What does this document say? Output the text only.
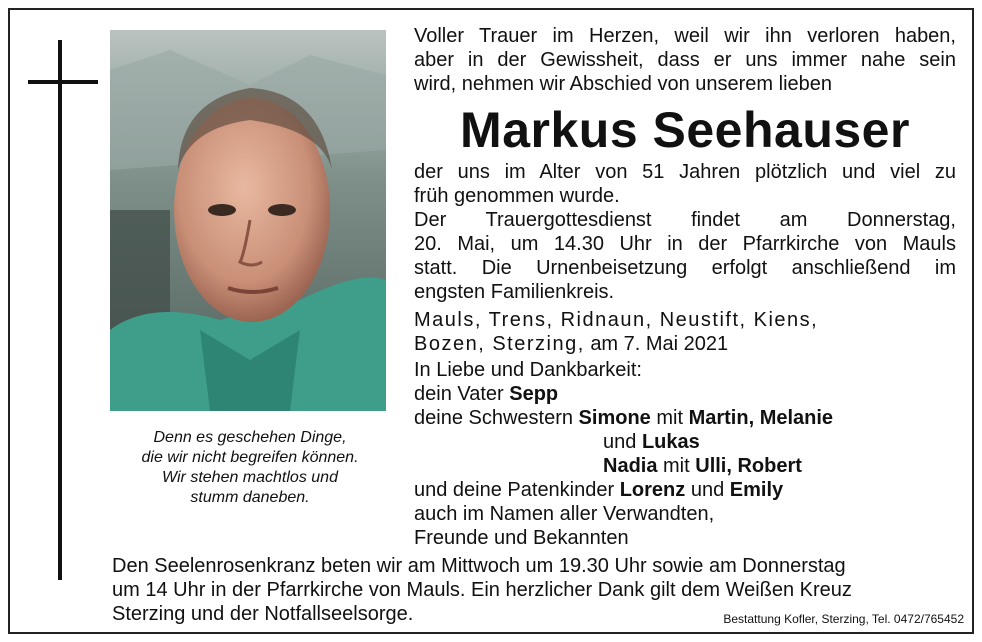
Denn es geschehen Dinge,
die wir nicht begreifen können.
Wir stehen machtlos und
stumm daneben.
Voller Trauer im Herzen, weil wir ihn verloren haben,
aber in der Gewissheit, dass er uns immer nahe sein
wird, nehmen wir Abschied von unserem lieben
Markus Seehauser
der uns im Alter von 51 Jahren plötzlich und viel zu
früh genommen wurde.
Der Trauergottesdienst findet am Donnerstag,
20. Mai, um 14.30 Uhr in der Pfarrkirche von Mauls
statt. Die Urnenbeisetzung erfolgt anschließend im
engsten Familienkreis.
Mauls, Trens, Ridnaun, Neustift, Kiens,
Bozen, Sterzing, am 7. Mai 2021
In Liebe und Dankbarkeit:
dein Vater Sepp
deine Schwestern Simone mit Martin, Melanie
und Lukas
Nadia mit Ulli, Robert
und deine Patenkinder Lorenz und Emily
auch im Namen aller Verwandten,
Freunde und Bekannten
Den Seelenrosenkranz beten wir am Mittwoch um 19.30 Uhr sowie am Donnerstag
um 14 Uhr in der Pfarrkirche von Mauls. Ein herzlicher Dank gilt dem Weißen Kreuz
Sterzing und der Notfallseelsorge.	Bestattung Kofler, Sterzing, Tel. 0472/765452
